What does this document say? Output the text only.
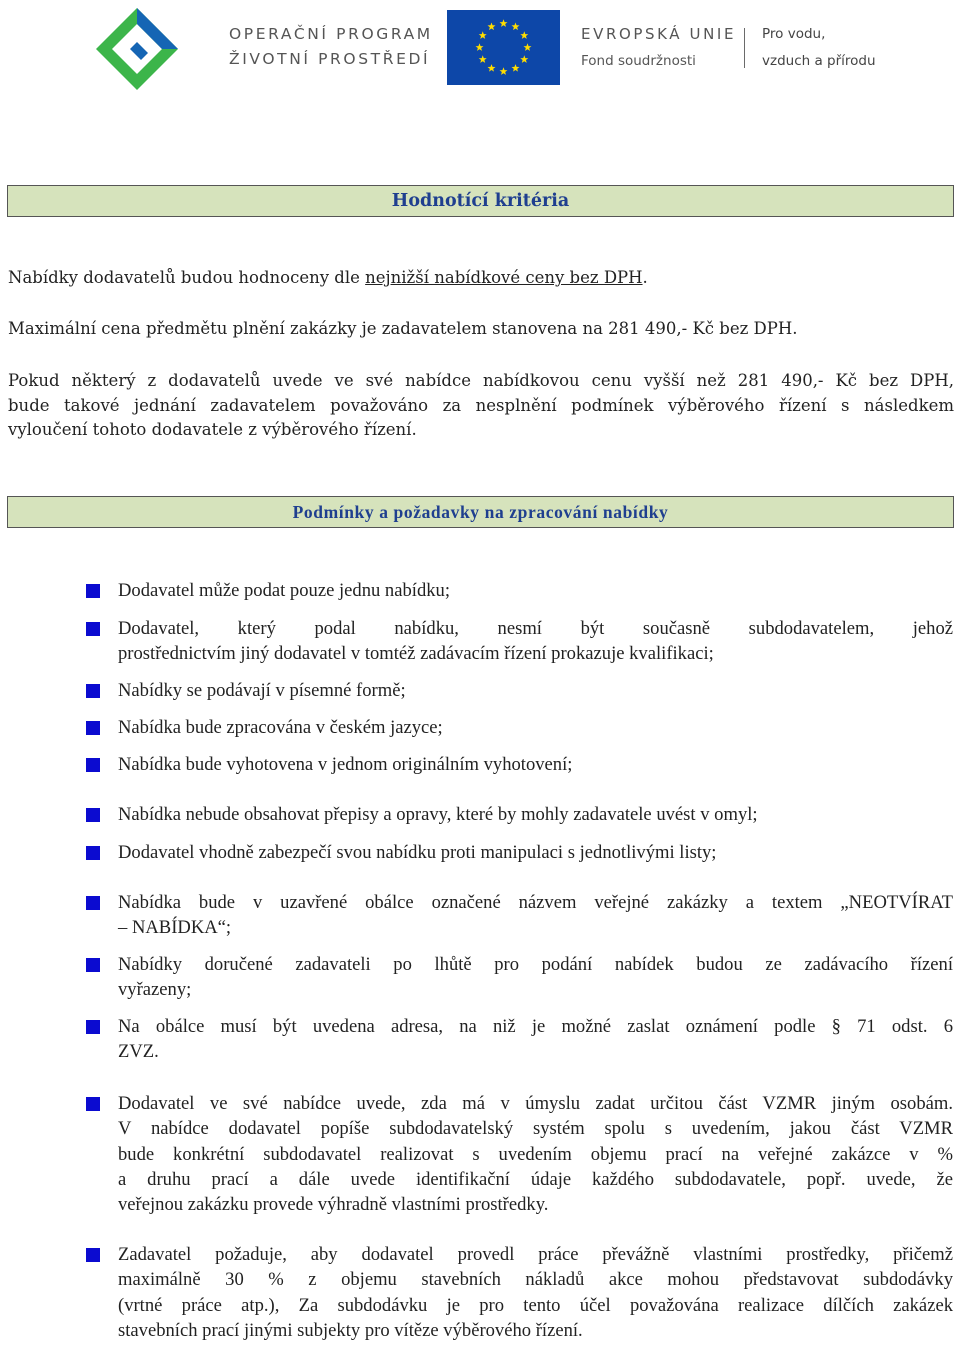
OPERAČNÍ PROGRAM
ŽIVOTNÍ PROSTŘEDÍ
EVROPSKÁ UNIE
Fond soudržnosti
Pro vodu,
vzduch a přírodu
Hodnotící kritéria
Nabídky dodavatelů budou hodnoceny dle nejnižší nabídkové ceny bez DPH.
Maximální cena předmětu plnění zakázky je zadavatelem stanovena na 281 490,- Kč bez DPH.
Pokud některý z dodavatelů uvede ve své nabídce nabídkovou cenu vyšší než 281 490,- Kč bez DPH,
bude takové jednání zadavatelem považováno za nesplnění podmínek výběrového řízení s následkem
vyloučení tohoto dodavatele z výběrového řízení.
Podmínky a požadavky na zpracování nabídky
Dodavatel může podat pouze jednu nabídku;
Dodavatel, který podal nabídku, nesmí být současně subdodavatelem, jehož
prostřednictvím jiný dodavatel v tomtéž zadávacím řízení prokazuje kvalifikaci;
Nabídky se podávají v písemné formě;
Nabídka bude zpracována v českém jazyce;
Nabídka bude vyhotovena v jednom originálním vyhotovení;
Nabídka nebude obsahovat přepisy a opravy, které by mohly zadavatele uvést v omyl;
Dodavatel vhodně zabezpečí svou nabídku proti manipulaci s jednotlivými listy;
Nabídka bude v uzavřené obálce označené názvem veřejné zakázky a textem „NEOTVÍRAT
– NABÍDKA“;
Nabídky doručené zadavateli po lhůtě pro podání nabídek budou ze zadávacího řízení
vyřazeny;
Na obálce musí být uvedena adresa, na niž je možné zaslat oznámení podle § 71 odst. 6
ZVZ.
Dodavatel ve své nabídce uvede, zda má v úmyslu zadat určitou část VZMR jiným osobám.
V nabídce dodavatel popíše subdodavatelský systém spolu s uvedením, jakou část VZMR
bude konkrétní subdodavatel realizovat s uvedením objemu prací na veřejné zakázce v %
a druhu prací a dále uvede identifikační údaje každého subdodavatele, popř. uvede, že
veřejnou zakázku provede výhradně vlastními prostředky.
Zadavatel požaduje, aby dodavatel provedl práce převážně vlastními prostředky, přičemž
maximálně 30 % z objemu stavebních nákladů akce mohou představovat subdodávky
(vrtné práce atp.), Za subdodávku je pro tento účel považována realizace dílčích zakázek
stavebních prací jinými subjekty pro vítěze výběrového řízení.
